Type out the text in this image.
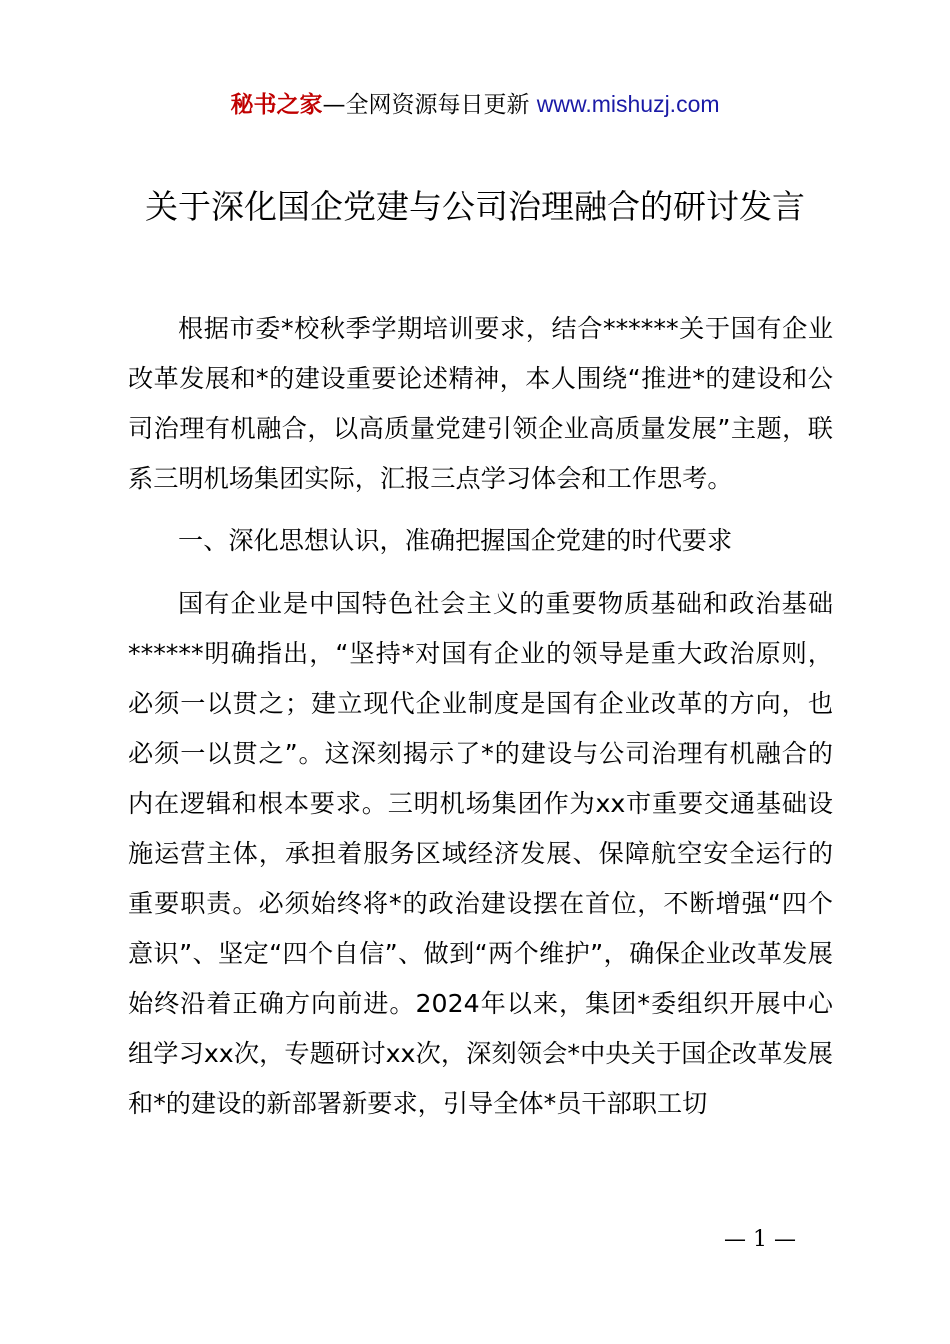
秘书之家—全网资源每日更新 www.mishuzj.com
关于深化国企党建与公司治理融合的研讨发言

根据市委*校秋季学期培训要求，结合******关于国有企业改革发展和*的建设重要论述精神，本人围绕“推进*的建设和公司治理有机融合，以高质量党建引领企业高质量发展”主题，联系三明机场集团实际，汇报三点学习体会和工作思考。

一、深化思想认识，准确把握国企党建的时代要求

国有企业是中国特色社会主义的重要物质基础和政治基础******明确指出，“坚持*对国有企业的领导是重大政治原则，必须一以贯之；建立现代企业制度是国有企业改革的方向，也必须一以贯之”。这深刻揭示了*的建设与公司治理有机融合的内在逻辑和根本要求。三明机场集团作为xx市重要交通基础设施运营主体，承担着服务区域经济发展、保障航空安全运行的重要职责。必须始终将*的政治建设摆在首位，不断增强“四个意识”、坚定“四个自信”、做到“两个维护”，确保企业改革发展始终沿着正确方向前进。2024年以来，集团*委组织开展中心组学习xx次，专题研讨xx次，深刻领会*中央关于国企改革发展和*的建设的新部署新要求，引导全体*员干部职工切

— 1 —
